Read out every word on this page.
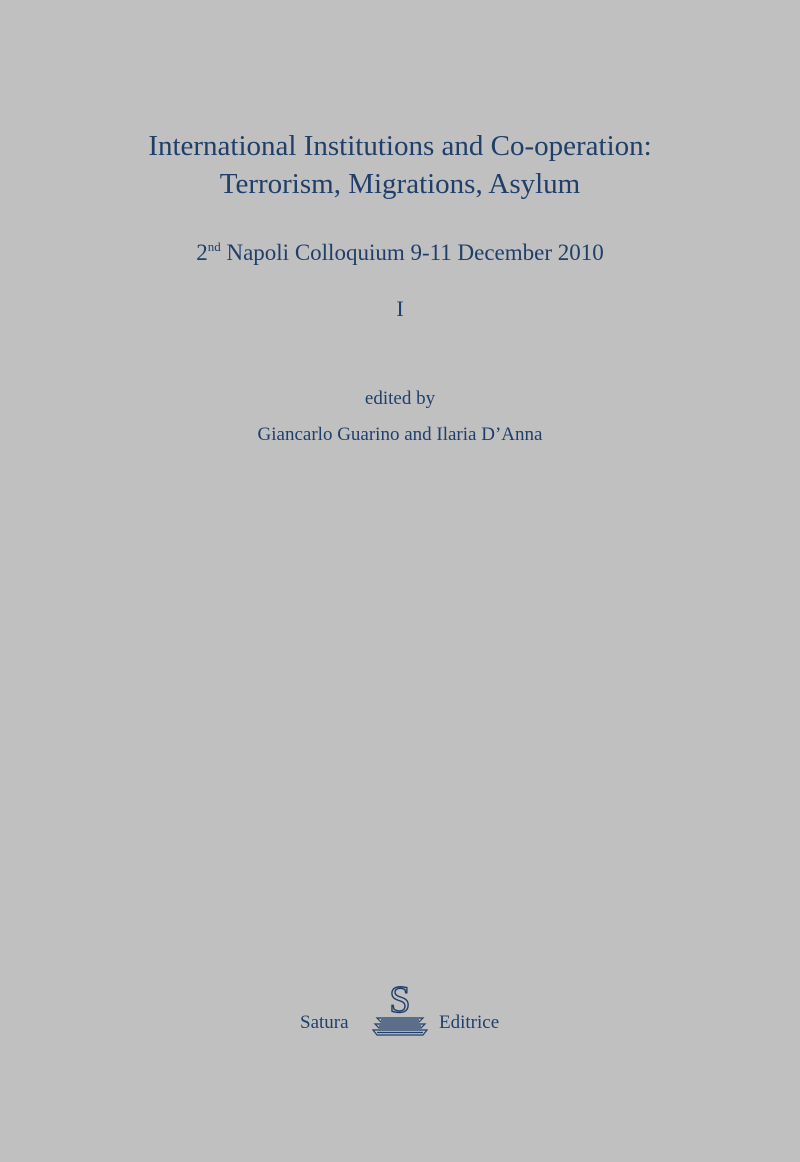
International Institutions and Co-operation:
Terrorism, Migrations, Asylum
2nd Napoli Colloquium 9-11 December 2010
I
edited by
Giancarlo Guarino and Ilaria D’Anna
Satura
S
Editrice
